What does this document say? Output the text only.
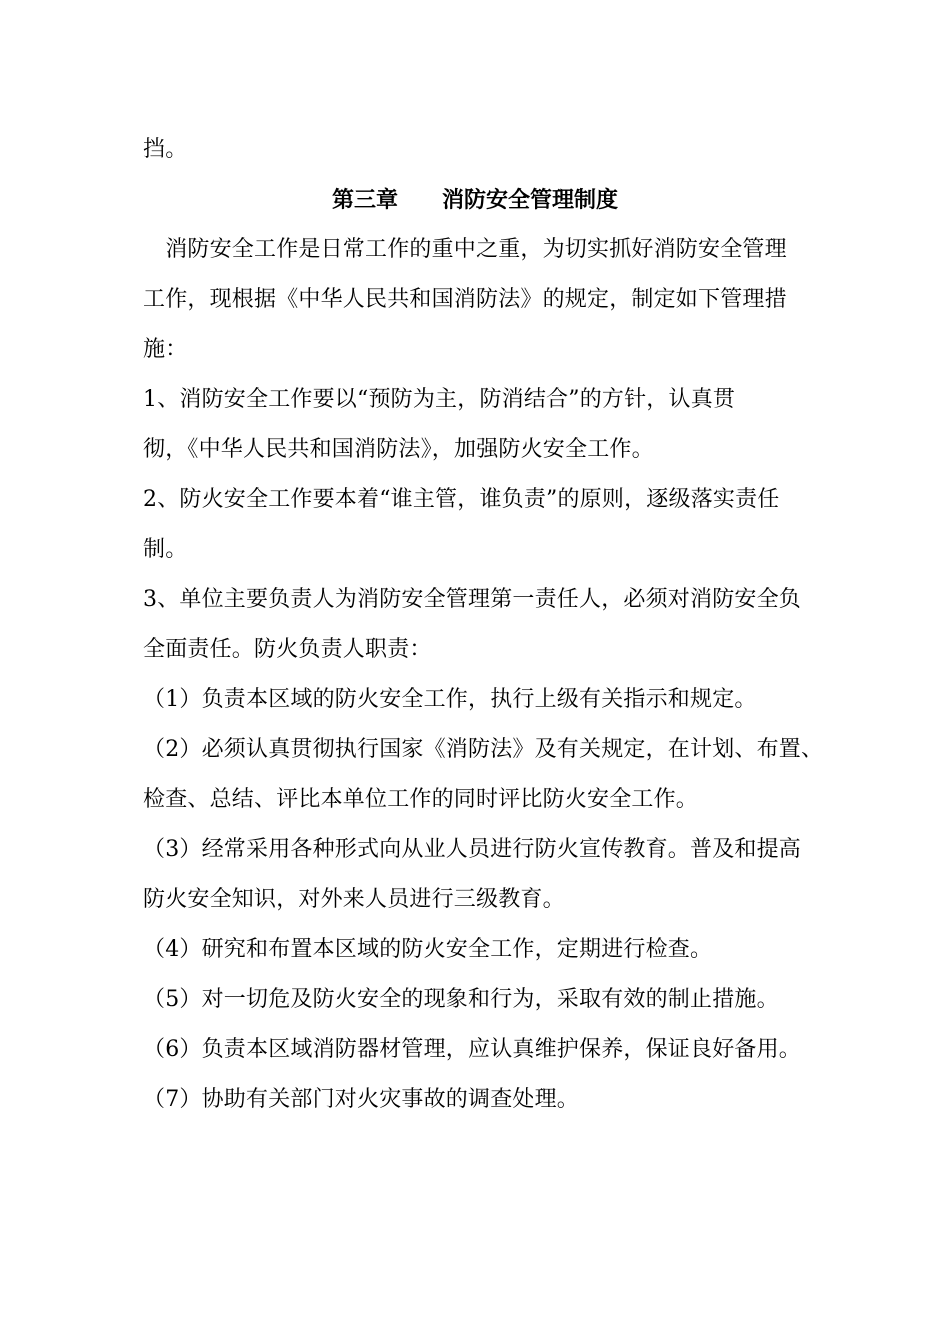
挡。
第三章　　消防安全管理制度
　消防安全工作是日常工作的重中之重，为切实抓好消防安全管理
工作，现根据《中华人民共和国消防法》的规定，制定如下管理措
施：
1、消防安全工作要以“预防为主，防消结合”的方针，认真贯
彻，《中华人民共和国消防法》，加强防火安全工作。
2、防火安全工作要本着“谁主管，谁负责”的原则，逐级落实责任
制。
3、单位主要负责人为消防安全管理第一责任人，必须对消防安全负
全面责任。防火负责人职责：
（1）负责本区域的防火安全工作，执行上级有关指示和规定。
（2）必须认真贯彻执行国家《消防法》及有关规定，在计划、布置、
检查、总结、评比本单位工作的同时评比防火安全工作。
（3）经常采用各种形式向从业人员进行防火宣传教育。普及和提高
防火安全知识，对外来人员进行三级教育。
（4）研究和布置本区域的防火安全工作，定期进行检查。
（5）对一切危及防火安全的现象和行为，采取有效的制止措施。
（6）负责本区域消防器材管理，应认真维护保养，保证良好备用。
（7）协助有关部门对火灾事故的调查处理。
